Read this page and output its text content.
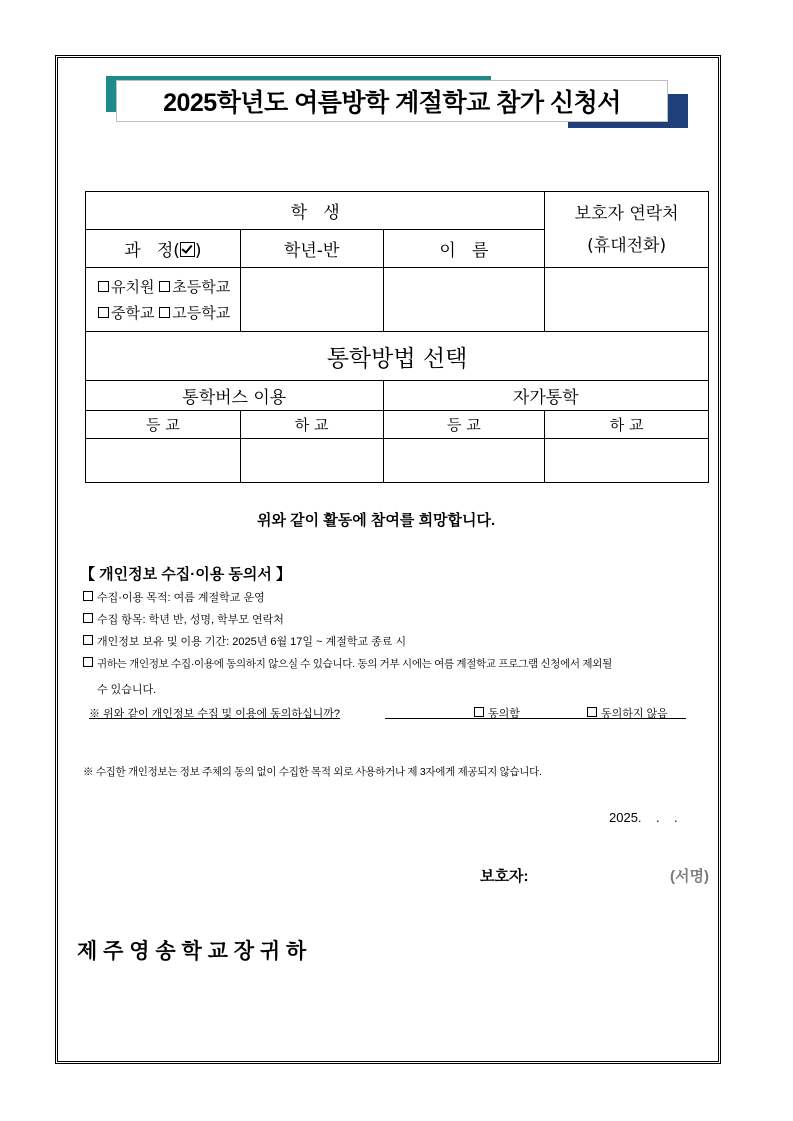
2025학년도 여름방학 계절학교 참가 신청서
학   생			보호자 연락처
(휴대전화)

과   정( )	학년-반	이   름	

유치원 초등학교
중학교 고등학교			

통학방법 선택			
통학버스 이용		자가통학	
등 교	하 교	등 교	하 교

위와 같이 활동에 참여를 희망합니다.
【 개인정보 수집·이용 동의서 】
수집·이용 목적: 여름 계절학교 운영
수집 항목: 학년 반, 성명, 학부모 연락처
개인정보 보유 및 이용 기간: 2025년 6월 17일 ~ 계절학교 종료 시
귀하는 개인정보 수집·이용에 동의하지 않으실 수 있습니다. 동의 거부 시에는 여름 계절학교 프로그램 신청에서 제외될
수 있습니다.
※ 위와 같이 개인정보 수집 및 이용에 동의하십니까?	동의함	동의하지 않음
※ 수집한 개인정보는 정보 주체의 동의 없이 수집한 목적 외로 사용하거나 제 3자에게 제공되지 않습니다.
2025.    .    .
보호자:	(서명)
제 주 영 송 학 교 장 귀 하
